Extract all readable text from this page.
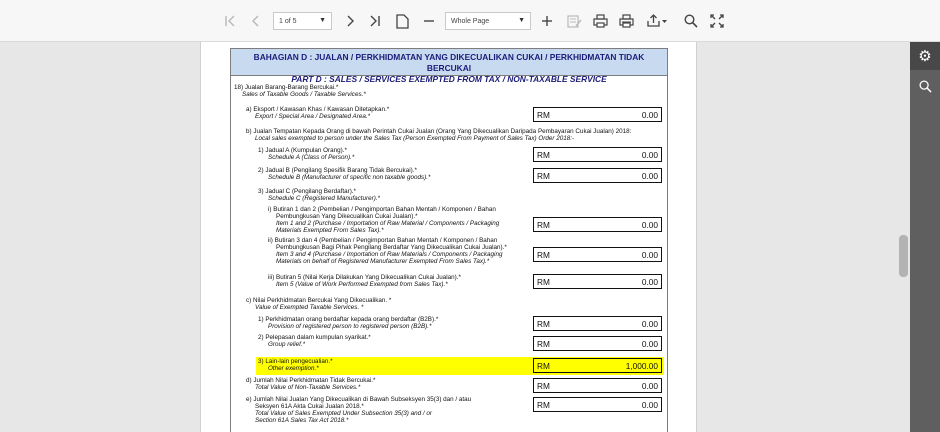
1 of 5	▼	Whole Page	▼
⚙
BAHAGIAN D : JUALAN / PERKHIDMATAN YANG DIKECUALIKAN CUKAI / PERKHIDMATAN TIDAK BERCUKAI
PART D : SALES / SERVICES EXEMPTED FROM TAX / NON-TAXABLE SERVICE
18) Jualan Barang-Barang Bercukai.*
Sales of Taxable Goods / Taxable Services.*
a) Eksport / Kawasan Khas / Kawasan Ditetapkan.*
Export / Special Area / Designated Area.*	RM	0.00
b) Jualan Tempatan Kepada Orang di bawah Perintah Cukai Jualan (Orang Yang Dikecualikan Daripada Pembayaran Cukai Jualan) 2018:
Local sales exempted to person under the Sales Tax (Person Exempted From Payment of Sales Tax) Order 2018:-
1) Jadual A (Kumpulan Orang).*
Schedule A (Class of Person).*	RM	0.00
2) Jadual B (Pengilang Spesifik Barang Tidak Bercukai).*
Schedule B (Manufacturer of specific non taxable goods).*	RM	0.00
3) Jadual C (Pengilang Berdaftar).*
Schedule C (Registered Manufacturer).*
i) Butiran 1 dan 2 (Pembelian / Pengimportan Bahan Mentah / Komponen / Bahan
Pembungkusan Yang Dikecualikan Cukai Jualan).*
Item 1 and 2 (Purchase / Importation of Raw Material / Components / Packaging
Materials Exempted From Sales Tax).*
RM	0.00
ii) Butiran 3 dan 4 (Pembelian / Pengimportan Bahan Mentah / Komponen / Bahan
Pembungkusan Bagi Pihak Pengilang Berdaftar Yang Dikecualikan Cukai Jualan).*
Item 3 and 4 (Purchase / Importation of Raw Materials / Components / Packaging
Materials on behalf of Registered Manufacturer Exempted From Sales Tax).*
RM	0.00
iii) Butiran 5 (Nilai Kerja Dilakukan Yang Dikecualikan Cukai Jualan).*
Item 5 (Value of Work Performed Exempted from Sales Tax).*	RM	0.00
c) Nilai Perkhidmatan Bercukai Yang Dikecualikan. *
Value of Exempted Taxable Services. *
1) Perkhidmatan orang berdaftar kepada orang berdaftar (B2B).*
Provision of registered person to registered person (B2B).*	RM	0.00
2) Pelepasan dalam kumpulan syarikat.*
Group relief.*	RM	0.00
3) Lain-lain pengecualian.*
Other exemption.*	RM	1,000.00
d) Jumlah Nilai Perkhidmatan Tidak Bercukai.*
Total Value of Non-Taxable Services.*	RM	0.00
e) Jumlah Nilai Jualan Yang Dikecualikan di Bawah Subseksyen 35(3) dan / atau
Seksyen 61A Akta Cukai Jualan 2018.*
Total Value of Sales Exempted Under Subsection 35(3) and / or
Section 61A Sales Tax Act 2018.*
RM	0.00
